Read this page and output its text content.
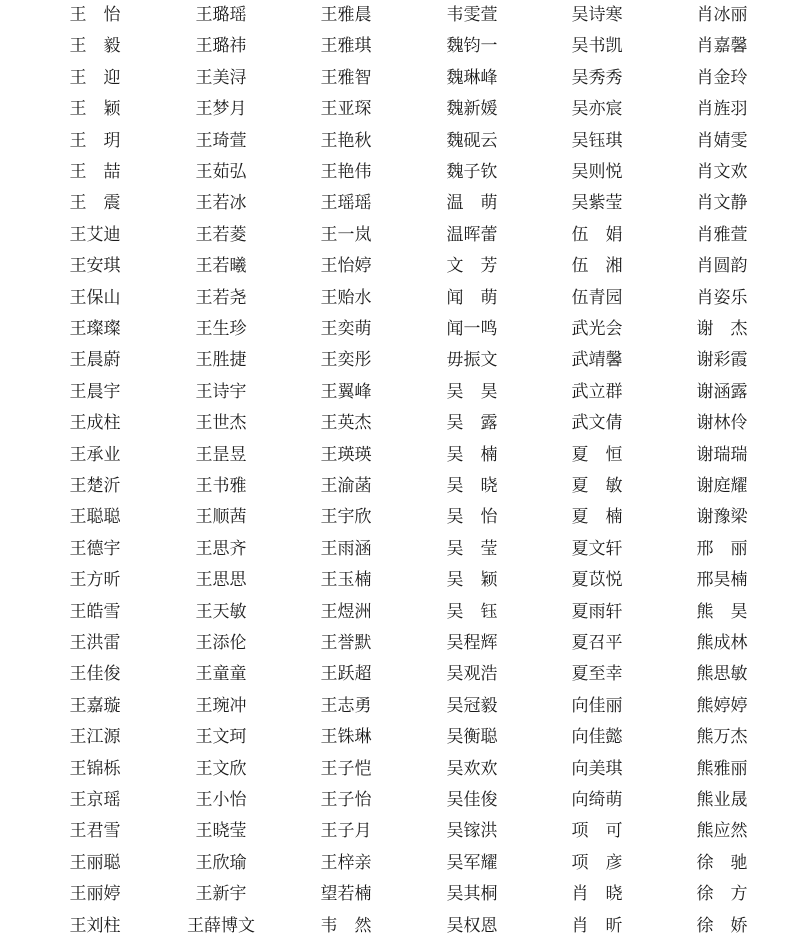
王　怡	王璐瑶	王雅晨	韦雯萱	吴诗寒	肖冰丽
王　毅	王璐祎	王雅琪	魏钧一	吴书凯	肖嘉馨
王　迎	王美浔	王雅智	魏琳峰	吴秀秀	肖金玲
王　颖	王梦月	王亚琛	魏新媛	吴亦宸	肖旌羽
王　玥	王琦萱	王艳秋	魏砚云	吴钰琪	肖婧雯
王　喆	王茹弘	王艳伟	魏子钦	吴则悦	肖文欢
王　震	王若冰	王瑶瑶	温　萌	吴紫莹	肖文静
王艾迪	王若菱	王一岚	温晖蕾	伍　娟	肖雅萱
王安琪	王若曦	王怡婷	文　芳	伍　湘	肖圆韵
王保山	王若尧	王贻水	闻　萌	伍青园	肖姿乐
王璨璨	王生珍	王奕萌	闻一鸣	武光会	谢　杰
王晨蔚	王胜捷	王奕彤	毋振文	武靖馨	谢彩霞
王晨宇	王诗宇	王翼峰	吴　昊	武立群	谢涵露
王成柱	王世杰	王英杰	吴　露	武文倩	谢林伶
王承业	王昰昱	王瑛瑛	吴　楠	夏　恒	谢瑞瑞
王楚沂	王书雅	王渝菡	吴　晓	夏　敏	谢庭耀
王聪聪	王顺茜	王宇欣	吴　怡	夏　楠	谢豫梁
王德宇	王思齐	王雨涵	吴　莹	夏文轩	邢　丽
王方昕	王思思	王玉楠	吴　颖	夏苡悦	邢昊楠
王皓雪	王天敏	王煜洲	吴　钰	夏雨轩	熊　昊
王洪雷	王添伦	王誉默	吴程辉	夏召平	熊成林
王佳俊	王童童	王跃超	吴观浩	夏至幸	熊思敏
王嘉璇	王琬冲	王志勇	吴冠毅	向佳丽	熊婷婷
王江源	王文珂	王铢琳	吴衡聪	向佳懿	熊万杰
王锦栎	王文欣	王子恺	吴欢欢	向美琪	熊雅丽
王京瑶	王小怡	王子怡	吴佳俊	向绮萌	熊业晟
王君雪	王晓莹	王子月	吴镓洪	项　可	熊应然
王丽聪	王欣瑜	王梓亲	吴军耀	项　彦	徐　驰
王丽婷	王新宇	望若楠	吴其桐	肖　晓	徐　方
王刘柱	王薛博文	韦　然	吴权恩	肖　昕	徐　娇
